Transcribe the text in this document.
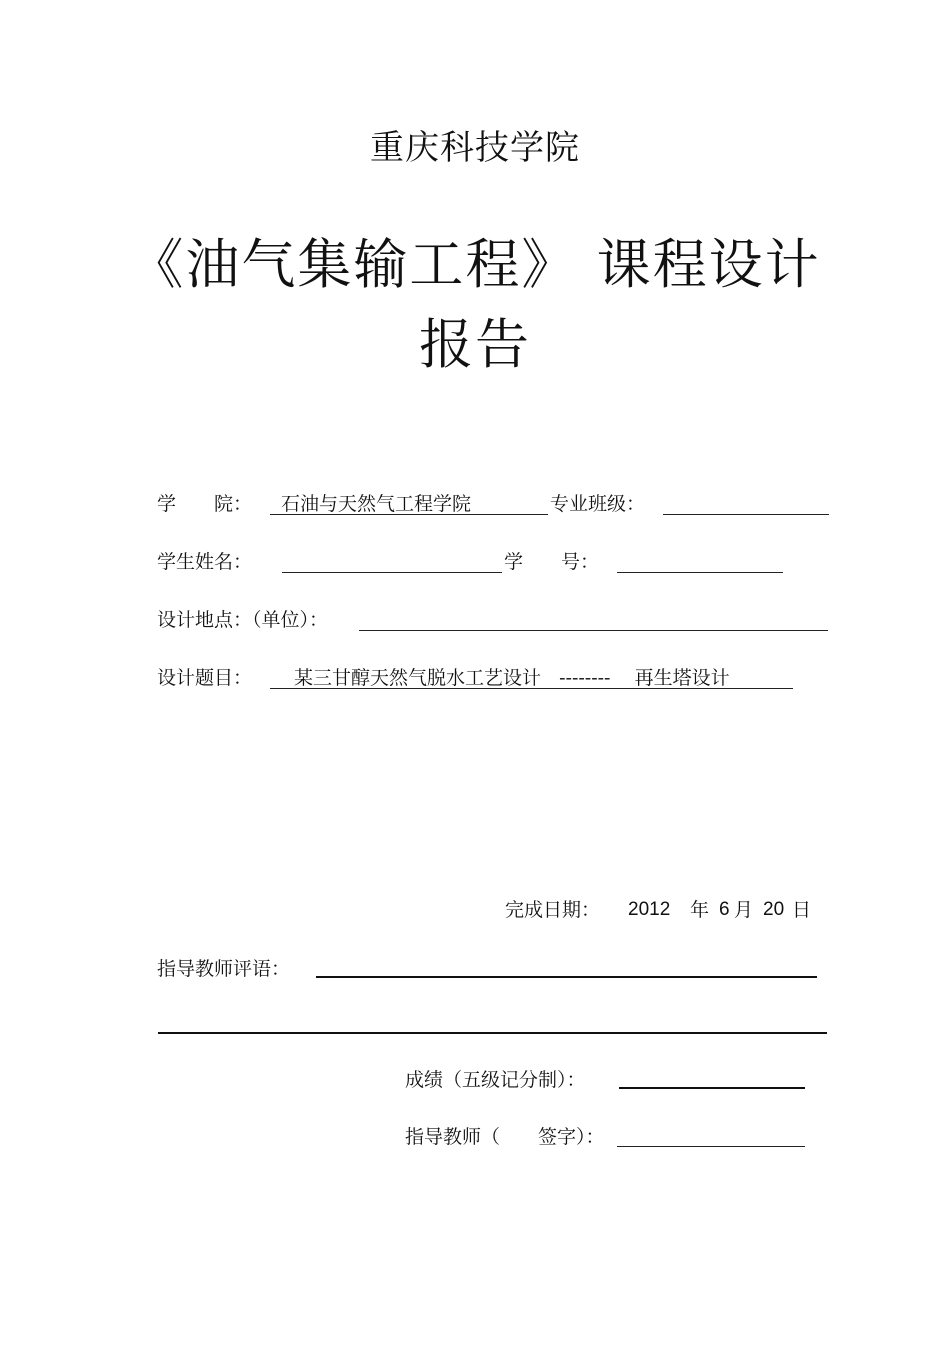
重庆科技学院
《油气集输工程》 课程设计
报告
学　　院： 石油与天然气工程学院	专业班级：
学生姓名：	学　　号：
设计地点：（单位）：
设计题目： 某三甘醇天然气脱水工艺设计   --------    再生塔设计
完成日期： 2012 年 6 月 20 日
指导教师评语：
成绩（五级记分制）：
指导教师（　　签字）：
